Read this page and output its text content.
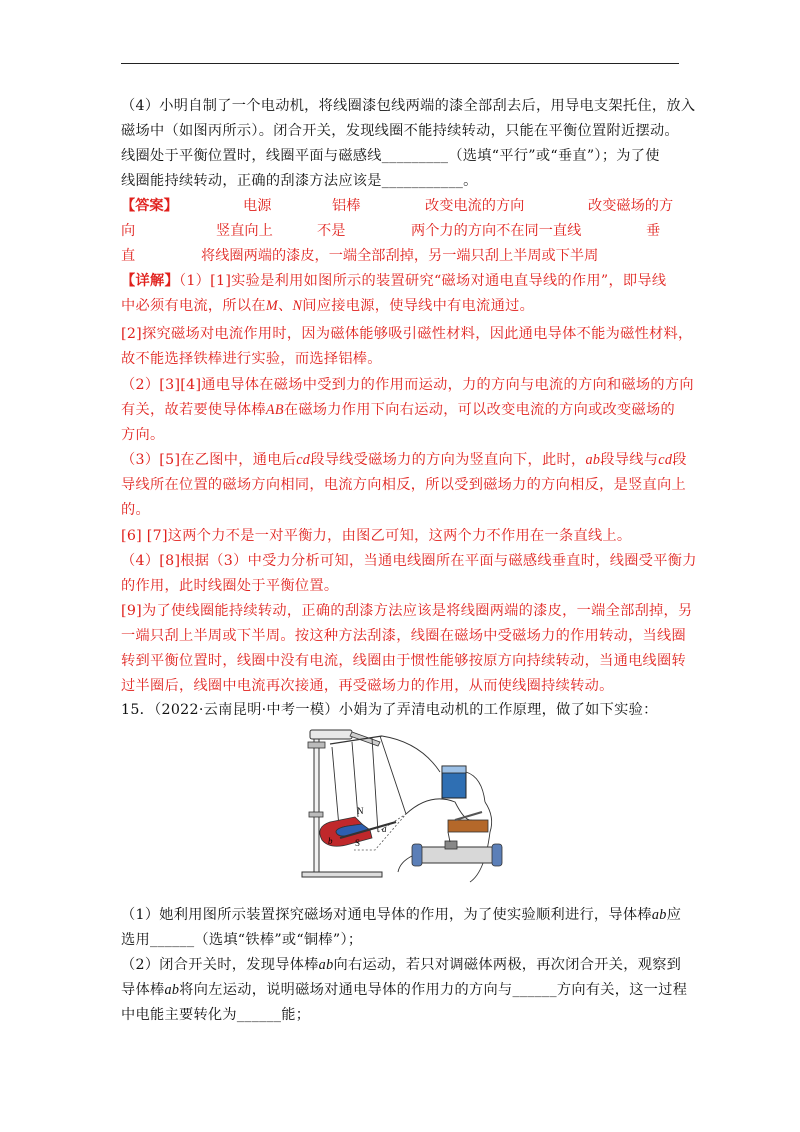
（4）小明自制了一个电动机，将线圈漆包线两端的漆全部刮去后，用导电支架托住，放入
磁场中（如图丙所示）。闭合开关，发现线圈不能持续转动，只能在平衡位置附近摆动。
线圈处于平衡位置时，线圈平面与磁感线_________（选填“平行”或“垂直”）；为了使
线圈能持续转动，正确的刮漆方法应该是___________。
【答案】	电源	铝棒	改变电流的方向	改变磁场的方
向	竖直向上	不是	两个力的方向不在同一直线	垂
直	将线圈两端的漆皮，一端全部刮掉，另一端只刮上半周或下半周
【详解】（1）[1]实验是利用如图所示的装置研究“磁场对通电直导线的作用”，即导线
中必须有电流，所以在M、N间应接电源，使导线中有电流通过。
[2]探究磁场对电流作用时，因为磁体能够吸引磁性材料，因此通电导体不能为磁性材料，
故不能选择铁棒进行实验，而选择铝棒。
（2）[3][4]通电导体在磁场中受到力的作用而运动，力的方向与电流的方向和磁场的方向
有关，故若要使导体棒AB在磁场力作用下向右运动，可以改变电流的方向或改变磁场的
方向。
（3）[5]在乙图中，通电后cd段导线受磁场力的方向为竖直向下，此时，ab段导线与cd段
导线所在位置的磁场方向相同，电流方向相反，所以受到磁场力的方向相反，是竖直向上
的。
[6] [7]这两个力不是一对平衡力，由图乙可知，这两个力不作用在一条直线上。
（4）[8]根据（3）中受力分析可知，当通电线圈所在平面与磁感线垂直时，线圈受平衡力
的作用，此时线圈处于平衡位置。
[9]为了使线圈能持续转动，正确的刮漆方法应该是将线圈两端的漆皮，一端全部刮掉，另
一端只刮上半周或下半周。按这种方法刮漆，线圈在磁场中受磁场力的作用转动，当线圈
转到平衡位置时，线圈中没有电流，线圈由于惯性能够按原方向持续转动，当通电线圈转
过半圈后，线圈中电流再次接通，再受磁场力的作用，从而使线圈持续转动。
15．（2022·云南昆明·中考一模）小娟为了弄清电动机的工作原理，做了如下实验：
N
S
a
b
（1）她利用图所示装置探究磁场对通电导体的作用，为了使实验顺利进行，导体棒ab应
选用______（选填“铁棒”或“铜棒”）；
（2）闭合开关时，发现导体棒ab向右运动，若只对调磁体两极，再次闭合开关，观察到
导体棒ab将向左运动，说明磁场对通电导体的作用力的方向与______方向有关，这一过程
中电能主要转化为______能；
